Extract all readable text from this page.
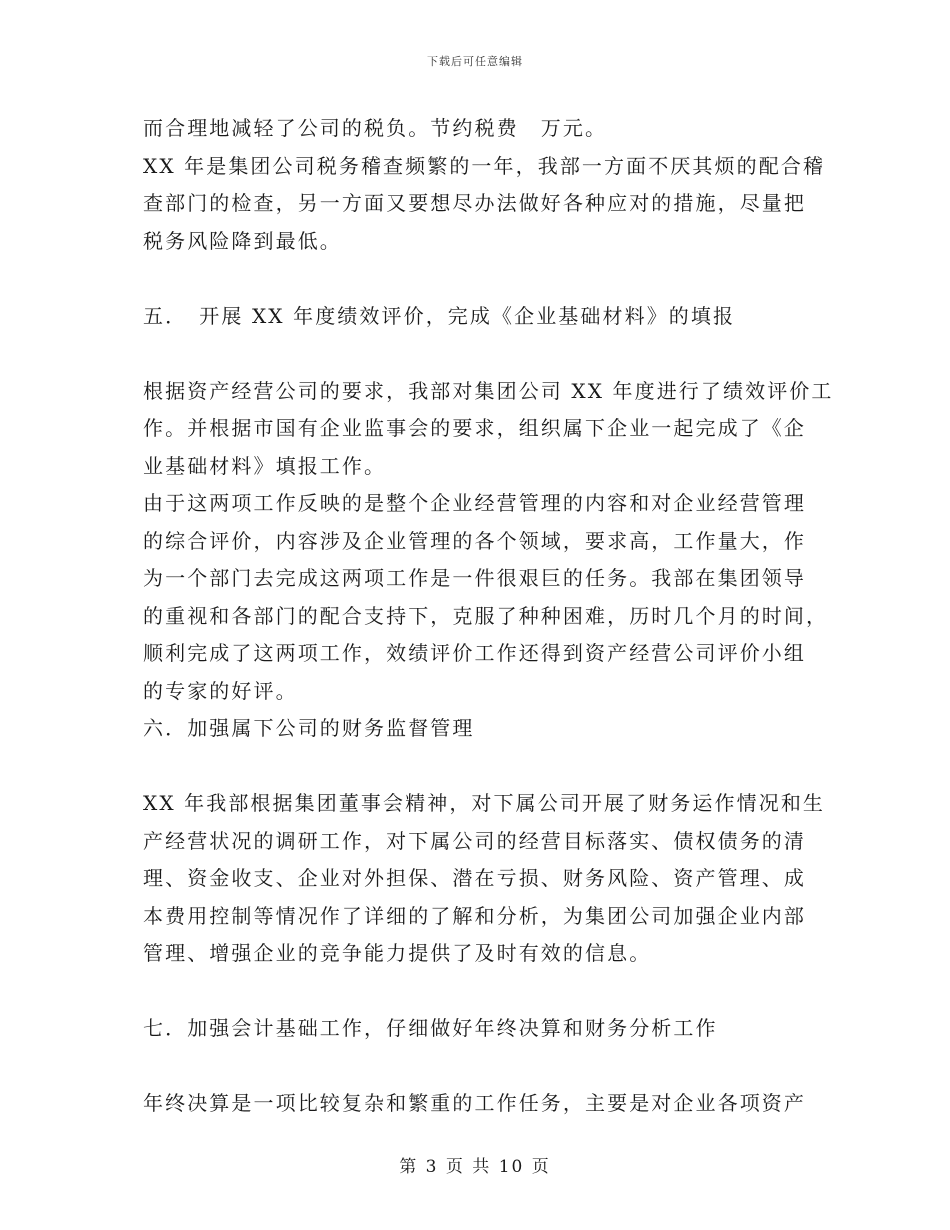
下载后可任意编辑
而合理地减轻了公司的税负。节约税费　万元。
XX 年是集团公司税务稽查频繁的一年，我部一方面不厌其烦的配合稽
查部门的检查，另一方面又要想尽办法做好各种应对的措施，尽量把
税务风险降到最低。
五．　开展 XX 年度绩效评价，完成《企业基础材料》的填报
根据资产经营公司的要求，我部对集团公司 XX 年度进行了绩效评价工
作。并根据市国有企业监事会的要求，组织属下企业一起完成了《企
业基础材料》填报工作。
由于这两项工作反映的是整个企业经营管理的内容和对企业经营管理
的综合评价，内容涉及企业管理的各个领域，要求高，工作量大，作
为一个部门去完成这两项工作是一件很艰巨的任务。我部在集团领导
的重视和各部门的配合支持下，克服了种种困难，历时几个月的时间，
顺利完成了这两项工作，效绩评价工作还得到资产经营公司评价小组
的专家的好评。
六．加强属下公司的财务监督管理
XX 年我部根据集团董事会精神，对下属公司开展了财务运作情况和生
产经营状况的调研工作，对下属公司的经营目标落实、债权债务的清
理、资金收支、企业对外担保、潜在亏损、财务风险、资产管理、成
本费用控制等情况作了详细的了解和分析，为集团公司加强企业内部
管理、增强企业的竞争能力提供了及时有效的信息。
七．加强会计基础工作，仔细做好年终决算和财务分析工作
年终决算是一项比较复杂和繁重的工作任务，主要是对企业各项资产
第 3 页 共 10 页
